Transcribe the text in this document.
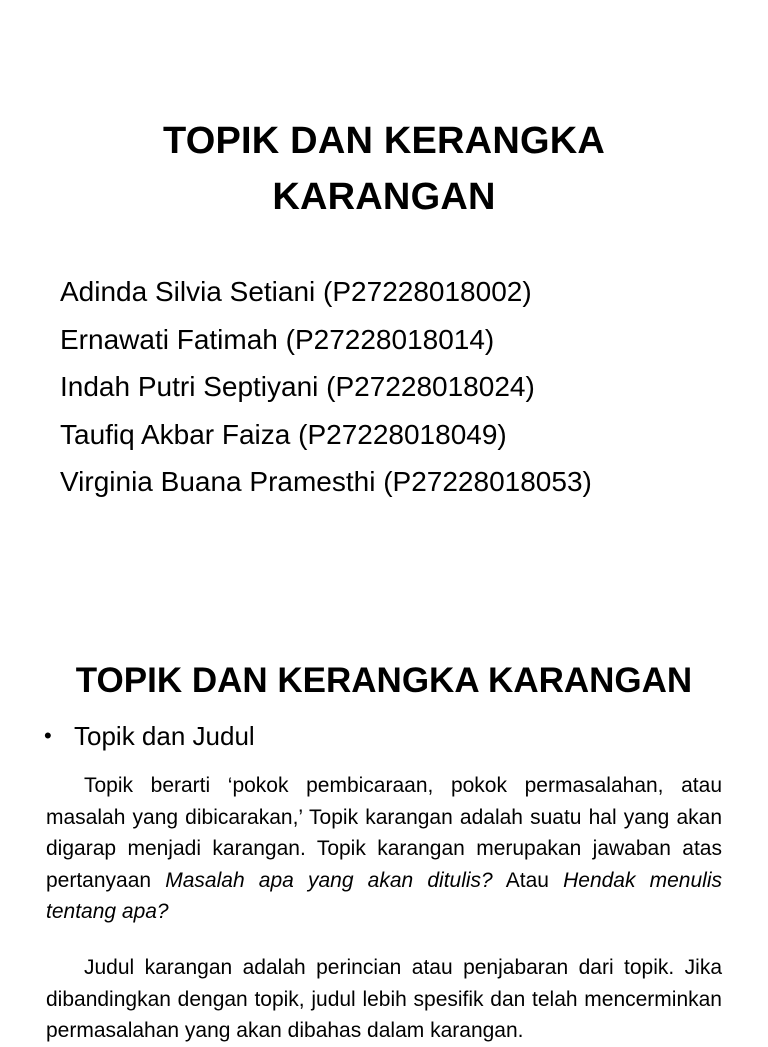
TOPIK DAN KERANGKA
KARANGAN
Adinda Silvia Setiani (P27228018002)
Ernawati Fatimah (P27228018014)
Indah Putri Septiyani (P27228018024)
Taufiq Akbar Faiza (P27228018049)
Virginia Buana Pramesthi (P27228018053)
TOPIK DAN KERANGKA KARANGAN
• Topik dan Judul

Topik berarti ‘pokok pembicaraan, pokok permasalahan, atau masalah yang dibicarakan,’ Topik karangan adalah suatu hal yang akan digarap menjadi karangan. Topik karangan merupakan jawaban atas pertanyaan Masalah apa yang akan ditulis? Atau Hendak menulis tentang apa?

Judul karangan adalah perincian atau penjabaran dari topik. Jika dibandingkan dengan topik, judul lebih spesifik dan telah mencerminkan permasalahan yang akan dibahas dalam karangan.
